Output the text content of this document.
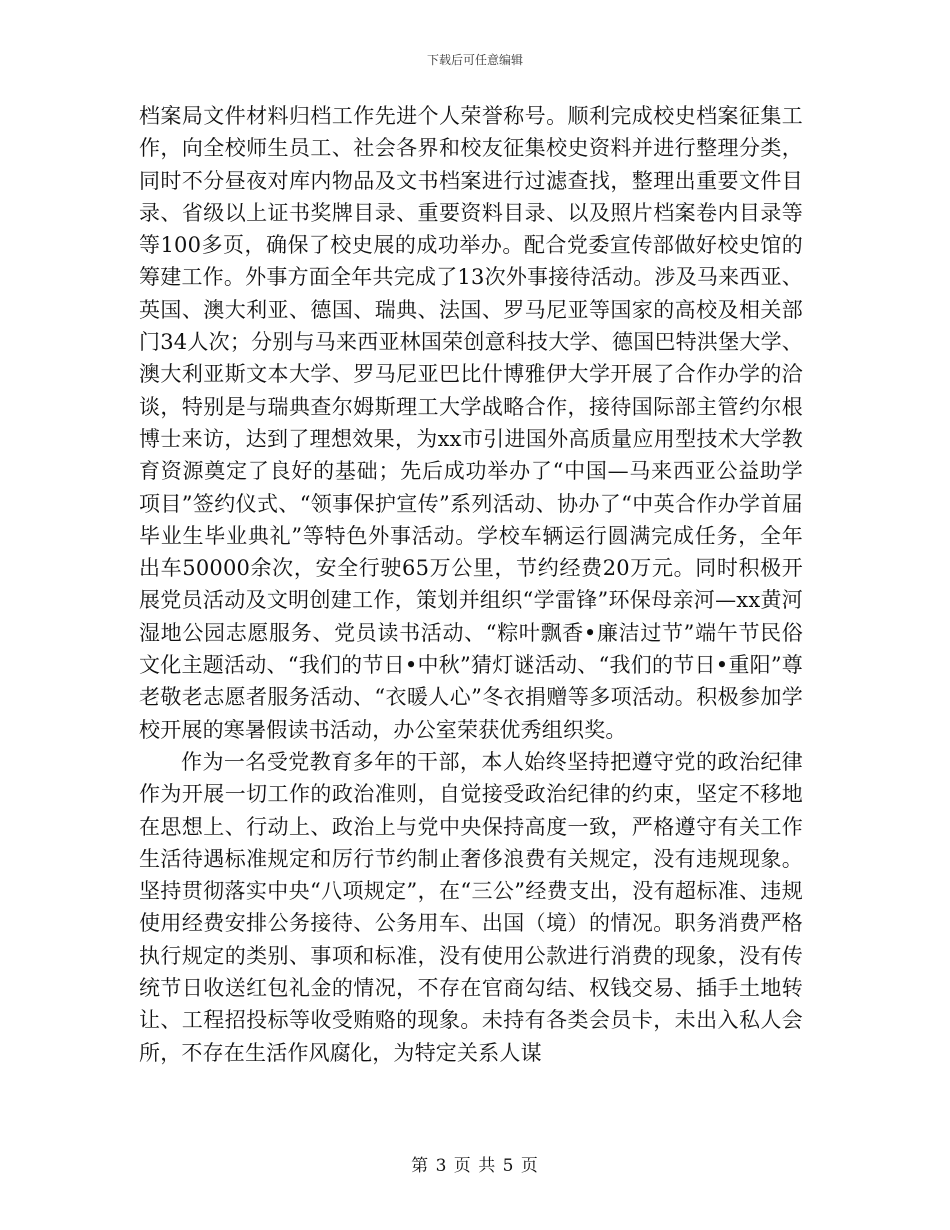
下载后可任意编辑

档案局文件材料归档工作先进个人荣誉称号。顺利完成校史档案征集工作，向全校师生员工、社会各界和校友征集校史资料并进行整理分类，同时不分昼夜对库内物品及文书档案进行过滤查找，整理出重要文件目录、省级以上证书奖牌目录、重要资料目录、以及照片档案卷内目录等等100多页，确保了校史展的成功举办。配合党委宣传部做好校史馆的筹建工作。外事方面全年共完成了13次外事接待活动。涉及马来西亚、英国、澳大利亚、德国、瑞典、法国、罗马尼亚等国家的高校及相关部门34人次；分别与马来西亚林国荣创意科技大学、德国巴特洪堡大学、澳大利亚斯文本大学、罗马尼亚巴比什博雅伊大学开展了合作办学的洽谈，特别是与瑞典查尔姆斯理工大学战略合作，接待国际部主管约尔根博士来访，达到了理想效果，为xx市引进国外高质量应用型技术大学教育资源奠定了良好的基础；先后成功举办了“中国—马来西亚公益助学项目”签约仪式、“领事保护宣传”系列活动、协办了“中英合作办学首届毕业生毕业典礼”等特色外事活动。学校车辆运行圆满完成任务，全年出车50000余次，安全行驶65万公里，节约经费20万元。同时积极开展党员活动及文明创建工作，策划并组织“学雷锋”环保母亲河—xx黄河湿地公园志愿服务、党员读书活动、“粽叶飘香•廉洁过节”端午节民俗文化主题活动、“我们的节日•中秋”猜灯谜活动、“我们的节日•重阳”尊老敬老志愿者服务活动、“衣暖人心”冬衣捐赠等多项活动。积极参加学校开展的寒暑假读书活动，办公室荣获优秀组织奖。

作为一名受党教育多年的干部，本人始终坚持把遵守党的政治纪律作为开展一切工作的政治准则，自觉接受政治纪律的约束，坚定不移地在思想上、行动上、政治上与党中央保持高度一致，严格遵守有关工作生活待遇标准规定和厉行节约制止奢侈浪费有关规定，没有违规现象。坚持贯彻落实中央“八项规定”，在“三公”经费支出，没有超标准、违规使用经费安排公务接待、公务用车、出国（境）的情况。职务消费严格执行规定的类别、事项和标准，没有使用公款进行消费的现象，没有传统节日收送红包礼金的情况，不存在官商勾结、权钱交易、插手土地转让、工程招投标等收受贿赂的现象。未持有各类会员卡，未出入私人会所，不存在生活作风腐化，为特定关系人谋

第 3 页 共 5 页
